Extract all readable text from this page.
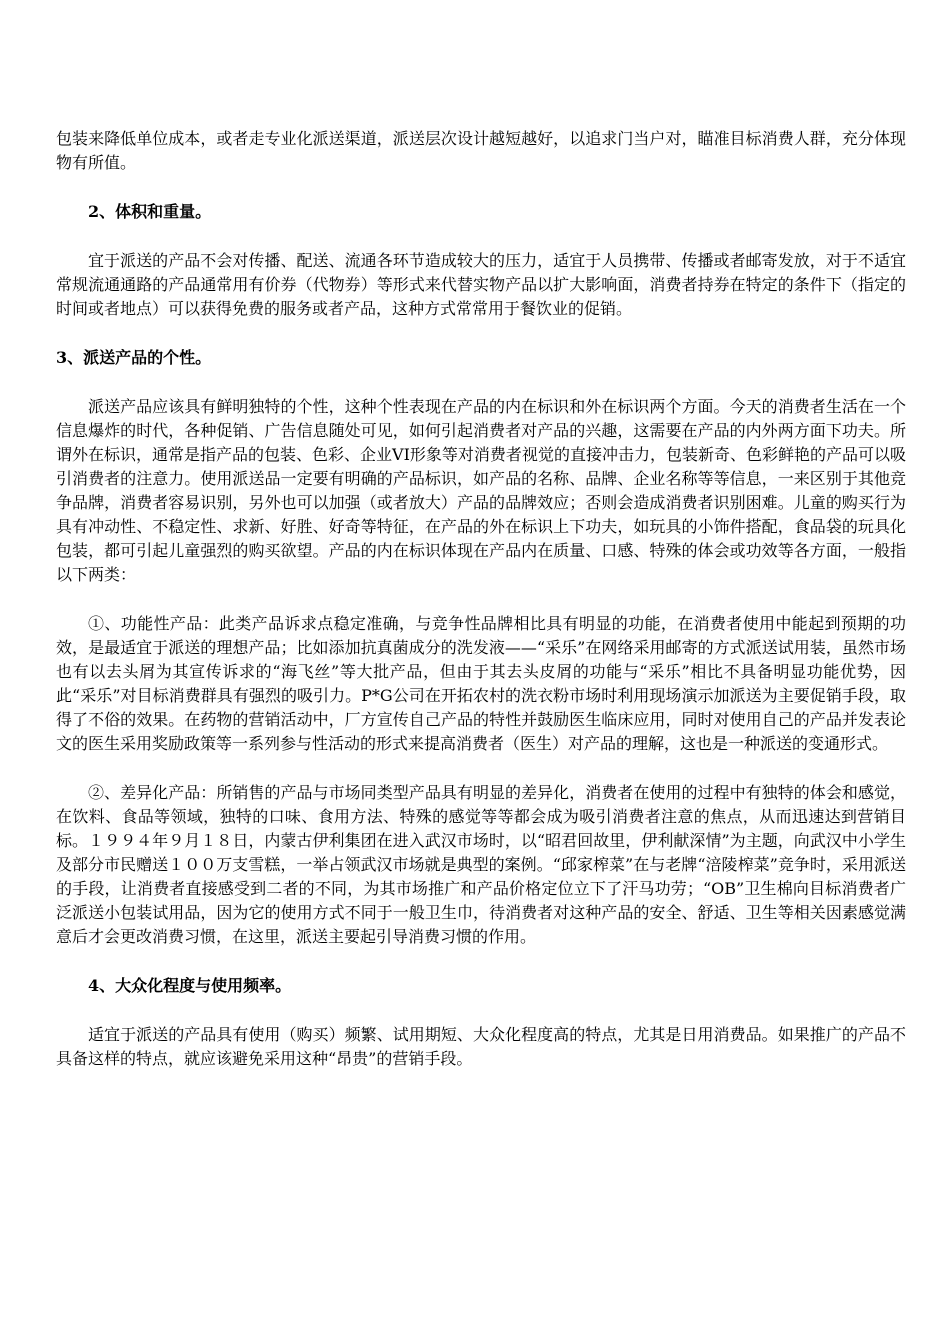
包装来降低单位成本，或者走专业化派送渠道，派送层次设计越短越好，以追求门当户对，瞄准目标消费人群，充分体现物有所值。

2、体积和重量。

宜于派送的产品不会对传播、配送、流通各环节造成较大的压力，适宜于人员携带、传播或者邮寄发放，对于不适宜常规流通通路的产品通常用有价券（代物券）等形式来代替实物产品以扩大影响面，消费者持券在特定的条件下（指定的时间或者地点）可以获得免费的服务或者产品，这种方式常常用于餐饮业的促销。

3、派送产品的个性。

派送产品应该具有鲜明独特的个性，这种个性表现在产品的内在标识和外在标识两个方面。今天的消费者生活在一个信息爆炸的时代，各种促销、广告信息随处可见，如何引起消费者对产品的兴趣，这需要在产品的内外两方面下功夫。所谓外在标识，通常是指产品的包装、色彩、企业VI形象等对消费者视觉的直接冲击力，包装新奇、色彩鲜艳的产品可以吸引消费者的注意力。使用派送品一定要有明确的产品标识，如产品的名称、品牌、企业名称等等信息，一来区别于其他竞争品牌，消费者容易识别，另外也可以加强（或者放大）产品的品牌效应；否则会造成消费者识别困难。儿童的购买行为具有冲动性、不稳定性、求新、好胜、好奇等特征，在产品的外在标识上下功夫，如玩具的小饰件搭配，食品袋的玩具化包装，都可引起儿童强烈的购买欲望。产品的内在标识体现在产品内在质量、口感、特殊的体会或功效等各方面，一般指以下两类：

①、功能性产品：此类产品诉求点稳定准确，与竞争性品牌相比具有明显的功能，在消费者使用中能起到预期的功效，是最适宜于派送的理想产品；比如添加抗真菌成分的洗发液——“采乐”在网络采用邮寄的方式派送试用装，虽然市场也有以去头屑为其宣传诉求的“海飞丝”等大批产品，但由于其去头皮屑的功能与“采乐”相比不具备明显功能优势，因此“采乐”对目标消费群具有强烈的吸引力。P*G公司在开拓农村的洗衣粉市场时利用现场演示加派送为主要促销手段，取得了不俗的效果。在药物的营销活动中，厂方宣传自己产品的特性并鼓励医生临床应用，同时对使用自己的产品并发表论文的医生采用奖励政策等一系列参与性活动的形式来提高消费者（医生）对产品的理解，这也是一种派送的变通形式。

②、差异化产品：所销售的产品与市场同类型产品具有明显的差异化，消费者在使用的过程中有独特的体会和感觉，在饮料、食品等领域，独特的口味、食用方法、特殊的感觉等等都会成为吸引消费者注意的焦点，从而迅速达到营销目标。１９９４年９月１８日，内蒙古伊利集团在进入武汉市场时，以“昭君回故里，伊利献深情”为主题，向武汉中小学生及部分市民赠送１００万支雪糕，一举占领武汉市场就是典型的案例。“邱家榨菜”在与老牌“涪陵榨菜”竞争时，采用派送的手段，让消费者直接感受到二者的不同，为其市场推广和产品价格定位立下了汗马功劳；“OB”卫生棉向目标消费者广泛派送小包装试用品，因为它的使用方式不同于一般卫生巾，待消费者对这种产品的安全、舒适、卫生等相关因素感觉满意后才会更改消费习惯，在这里，派送主要起引导消费习惯的作用。

4、大众化程度与使用频率。

适宜于派送的产品具有使用（购买）频繁、试用期短、大众化程度高的特点，尤其是日用消费品。如果推广的产品不具备这样的特点，就应该避免采用这种“昂贵”的营销手段。
